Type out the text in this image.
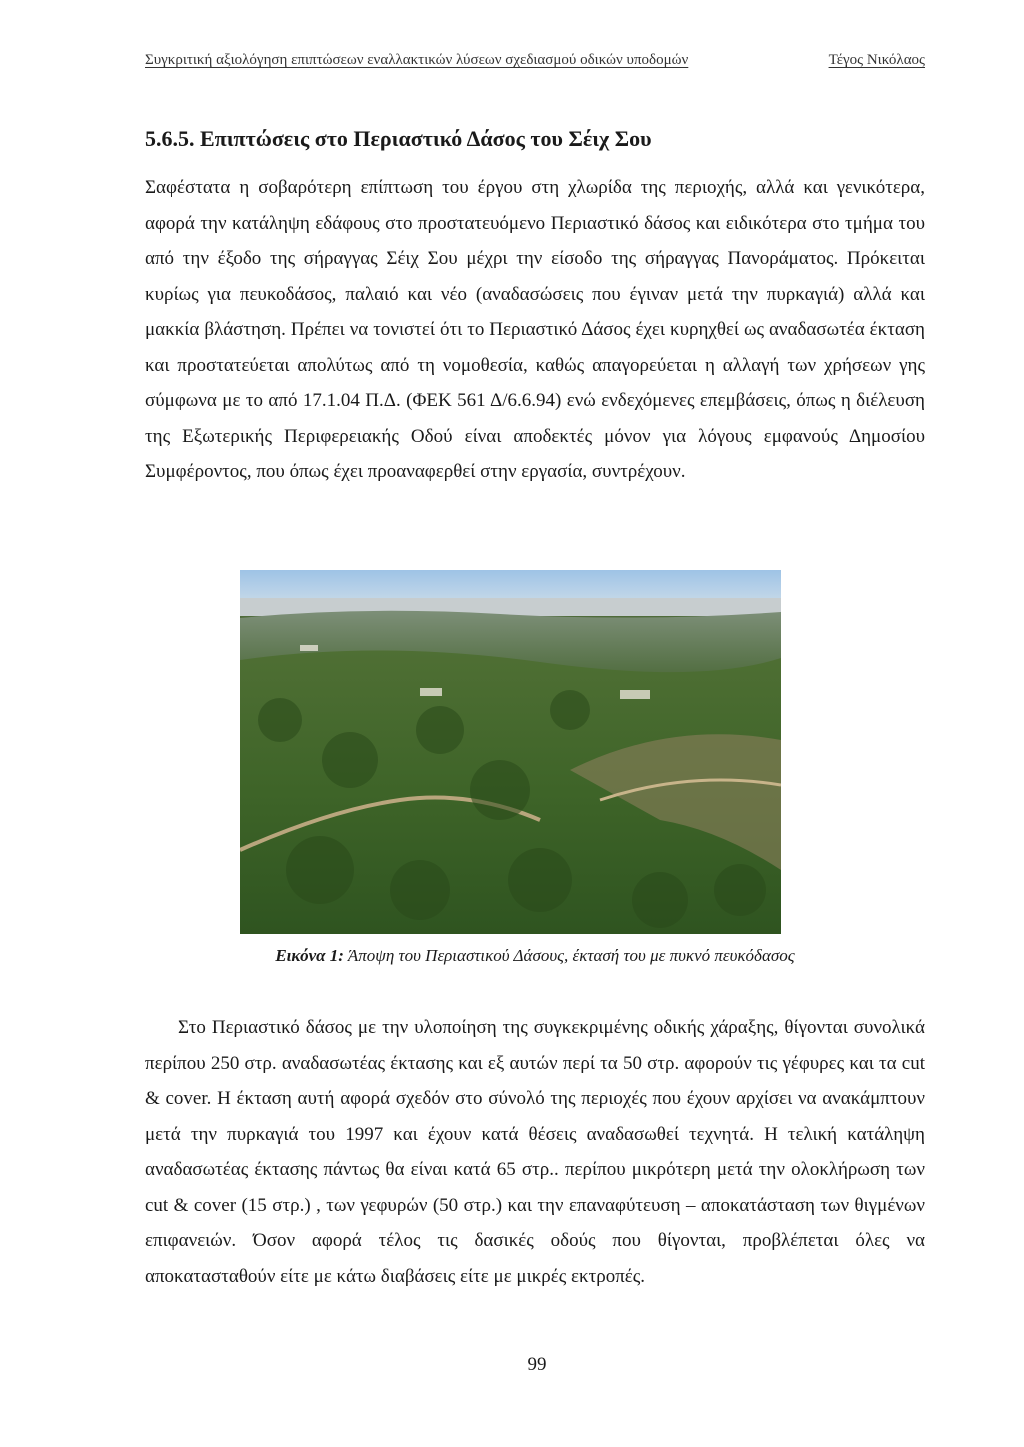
Συγκριτική αξιολόγηση επιπτώσεων εναλλακτικών λύσεων σχεδιασμού οδικών υποδομών	Τέγος Νικόλαος
5.6.5. Επιπτώσεις στο Περιαστικό Δάσος του Σέιχ Σου

Σαφέστατα η σοβαρότερη επίπτωση του έργου στη χλωρίδα της περιοχής, αλλά και γενικότερα, αφορά την κατάληψη εδάφους στο προστατευόμενο Περιαστικό δάσος και ειδικότερα στο τμήμα του από την έξοδο της σήραγγας Σέιχ Σου μέχρι την είσοδο της σήραγγας Πανοράματος. Πρόκειται κυρίως για πευκοδάσος, παλαιό και νέο (αναδασώσεις που έγιναν μετά την πυρκαγιά) αλλά και μακκία βλάστηση. Πρέπει να τονιστεί ότι το Περιαστικό Δάσος έχει κυρηχθεί ως αναδασωτέα έκταση και προστατεύεται απολύτως από τη νομοθεσία, καθώς απαγορεύεται η αλλαγή των χρήσεων γης σύμφωνα με το από 17.1.04 Π.Δ. (ΦΕΚ 561 Δ/6.6.94) ενώ ενδεχόμενες επεμβάσεις, όπως η διέλευση της Εξωτερικής Περιφερειακής Οδού είναι αποδεκτές μόνον για λόγους εμφανούς Δημοσίου Συμφέροντος, που όπως έχει προαναφερθεί στην εργασία, συντρέχουν.

Εικόνα 1: Άποψη του Περιαστικού Δάσους, έκτασή του με πυκνό πευκόδασος

Στο Περιαστικό δάσος με την υλοποίηση της συγκεκριμένης οδικής χάραξης, θίγονται συνολικά περίπου 250 στρ. αναδασωτέας έκτασης και εξ αυτών περί τα 50 στρ. αφορούν τις γέφυρες και τα cut & cover. Η έκταση αυτή αφορά σχεδόν στο σύνολό της περιοχές που έχουν αρχίσει να ανακάμπτουν μετά την πυρκαγιά του 1997 και έχουν κατά θέσεις αναδασωθεί τεχνητά. Η τελική κατάληψη αναδασωτέας έκτασης πάντως θα είναι κατά 65 στρ.. περίπου μικρότερη μετά την ολοκλήρωση των cut & cover (15 στρ.) , των γεφυρών (50 στρ.) και την επαναφύτευση – αποκατάσταση των θιγμένων επιφανειών. Όσον αφορά τέλος τις δασικές οδούς που θίγονται, προβλέπεται όλες να αποκατασταθούν είτε με κάτω διαβάσεις είτε με μικρές εκτροπές.

99
